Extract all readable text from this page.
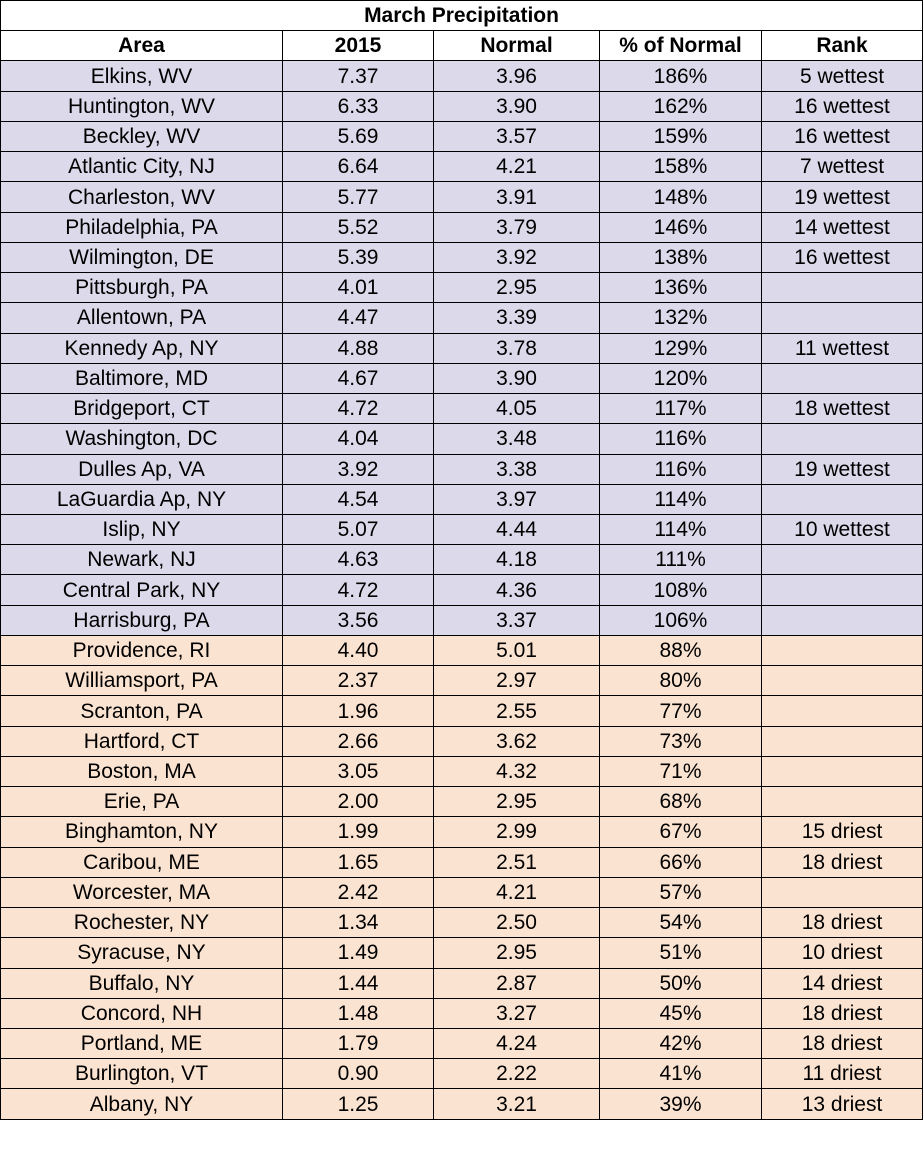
March Precipitation				
Area	2015	Normal	% of Normal	Rank
Elkins, WV	7.37	3.96	186%	5 wettest
Huntington, WV	6.33	3.90	162%	16 wettest
Beckley, WV	5.69	3.57	159%	16 wettest
Atlantic City, NJ	6.64	4.21	158%	7 wettest
Charleston, WV	5.77	3.91	148%	19 wettest
Philadelphia, PA	5.52	3.79	146%	14 wettest
Wilmington, DE	5.39	3.92	138%	16 wettest
Pittsburgh, PA	4.01	2.95	136%	
Allentown, PA	4.47	3.39	132%	
Kennedy Ap, NY	4.88	3.78	129%	11 wettest
Baltimore, MD	4.67	3.90	120%	
Bridgeport, CT	4.72	4.05	117%	18 wettest
Washington, DC	4.04	3.48	116%	
Dulles Ap, VA	3.92	3.38	116%	19 wettest
LaGuardia Ap, NY	4.54	3.97	114%	
Islip, NY	5.07	4.44	114%	10 wettest
Newark, NJ	4.63	4.18	111%	
Central Park, NY	4.72	4.36	108%	
Harrisburg, PA	3.56	3.37	106%	
Providence, RI	4.40	5.01	88%	
Williamsport, PA	2.37	2.97	80%	
Scranton, PA	1.96	2.55	77%	
Hartford, CT	2.66	3.62	73%	
Boston, MA	3.05	4.32	71%	
Erie, PA	2.00	2.95	68%	
Binghamton, NY	1.99	2.99	67%	15 driest
Caribou, ME	1.65	2.51	66%	18 driest
Worcester, MA	2.42	4.21	57%	
Rochester, NY	1.34	2.50	54%	18 driest
Syracuse, NY	1.49	2.95	51%	10 driest
Buffalo, NY	1.44	2.87	50%	14 driest
Concord, NH	1.48	3.27	45%	18 driest
Portland, ME	1.79	4.24	42%	18 driest
Burlington, VT	0.90	2.22	41%	11 driest
Albany, NY	1.25	3.21	39%	13 driest
